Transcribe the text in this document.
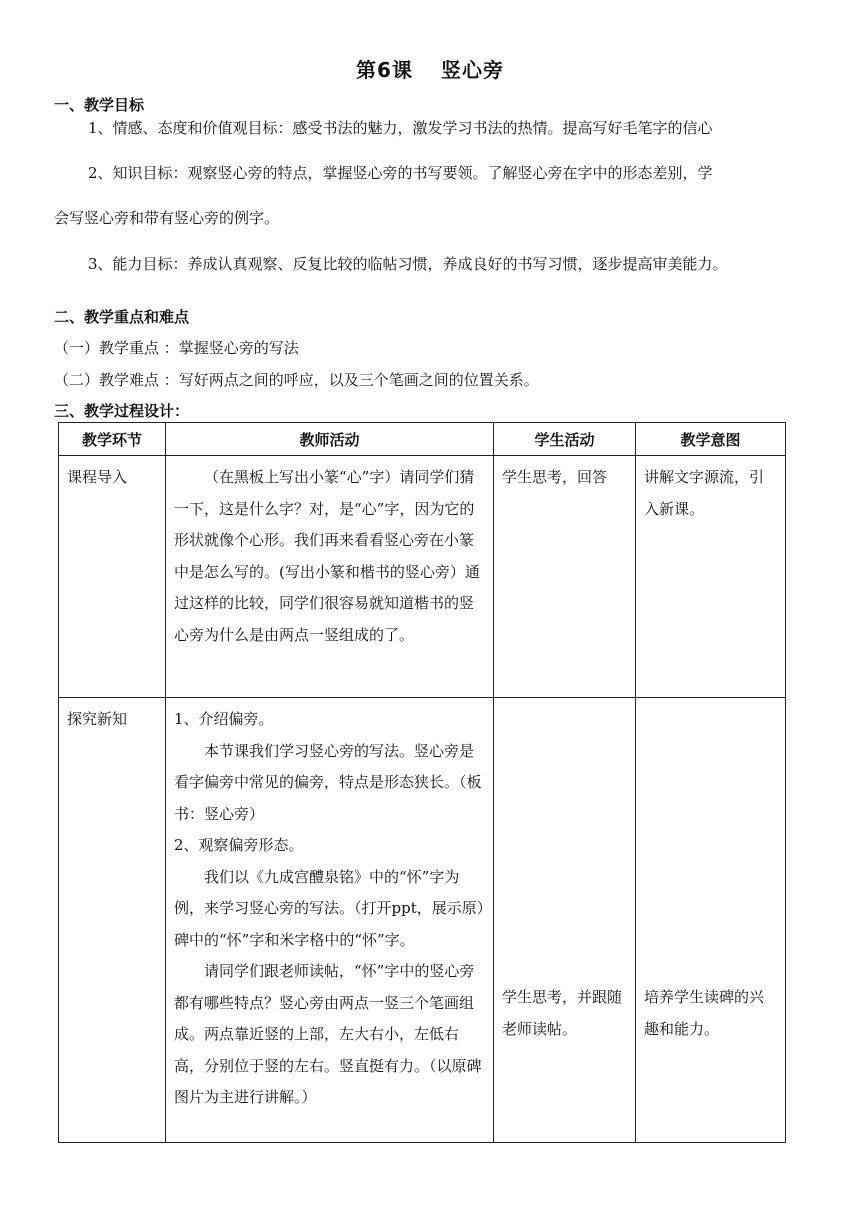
第6课 竖心旁
一、教学目标
1、情感、态度和价值观目标：感受书法的魅力，激发学习书法的热情。提高写好毛笔字的信心
2、知识目标：观察竖心旁的特点，掌握竖心旁的书写要领。了解竖心旁在字中的形态差别，学
会写竖心旁和带有竖心旁的例字。
3、能力目标：养成认真观察、反复比较的临帖习惯，养成良好的书写习惯，逐步提高审美能力。
二、教学重点和难点
（一）教学重点 ：掌握竖心旁的写法
（二）教学难点 ：写好两点之间的呼应，以及三个笔画之间的位置关系。
三、教学过程设计：
教学环节	教师活动	学生活动	教学意图

课程导入	（在黑板上写出小篆“心”字）请同学们猜一下，这是什么字？对，是“心”字，因为它的形状就像个心形。我们再来看看竖心旁在小篆中是怎么写的。(写出小篆和楷书的竖心旁）通过这样的比较，同学们很容易就知道楷书的竖心旁为什么是由两点一竖组成的了。	学生思考，回答	讲解文字源流，引入新课。

探究新知	1、介绍偏旁。

本节课我们学习竖心旁的写法。竖心旁是看字偏旁中常见的偏旁，特点是形态狭长。（板书：竖心旁）

2、观察偏旁形态。

我们以《九成宫醴泉铭》中的“怀”字为例，来学习竖心旁的写法。（打开ppt，展示原）碑中的“怀”字和米字格中的“怀”字。

请同学们跟老师读帖，“怀”字中的竖心旁都有哪些特点？竖心旁由两点一竖三个笔画组成。两点靠近竖的上部，左大右小，左低右高，分别位于竖的左右。竖直挺有力。（以原碑图片为主进行讲解。）	学生思考，并跟随老师读帖。	培养学生读碑的兴趣和能力。
